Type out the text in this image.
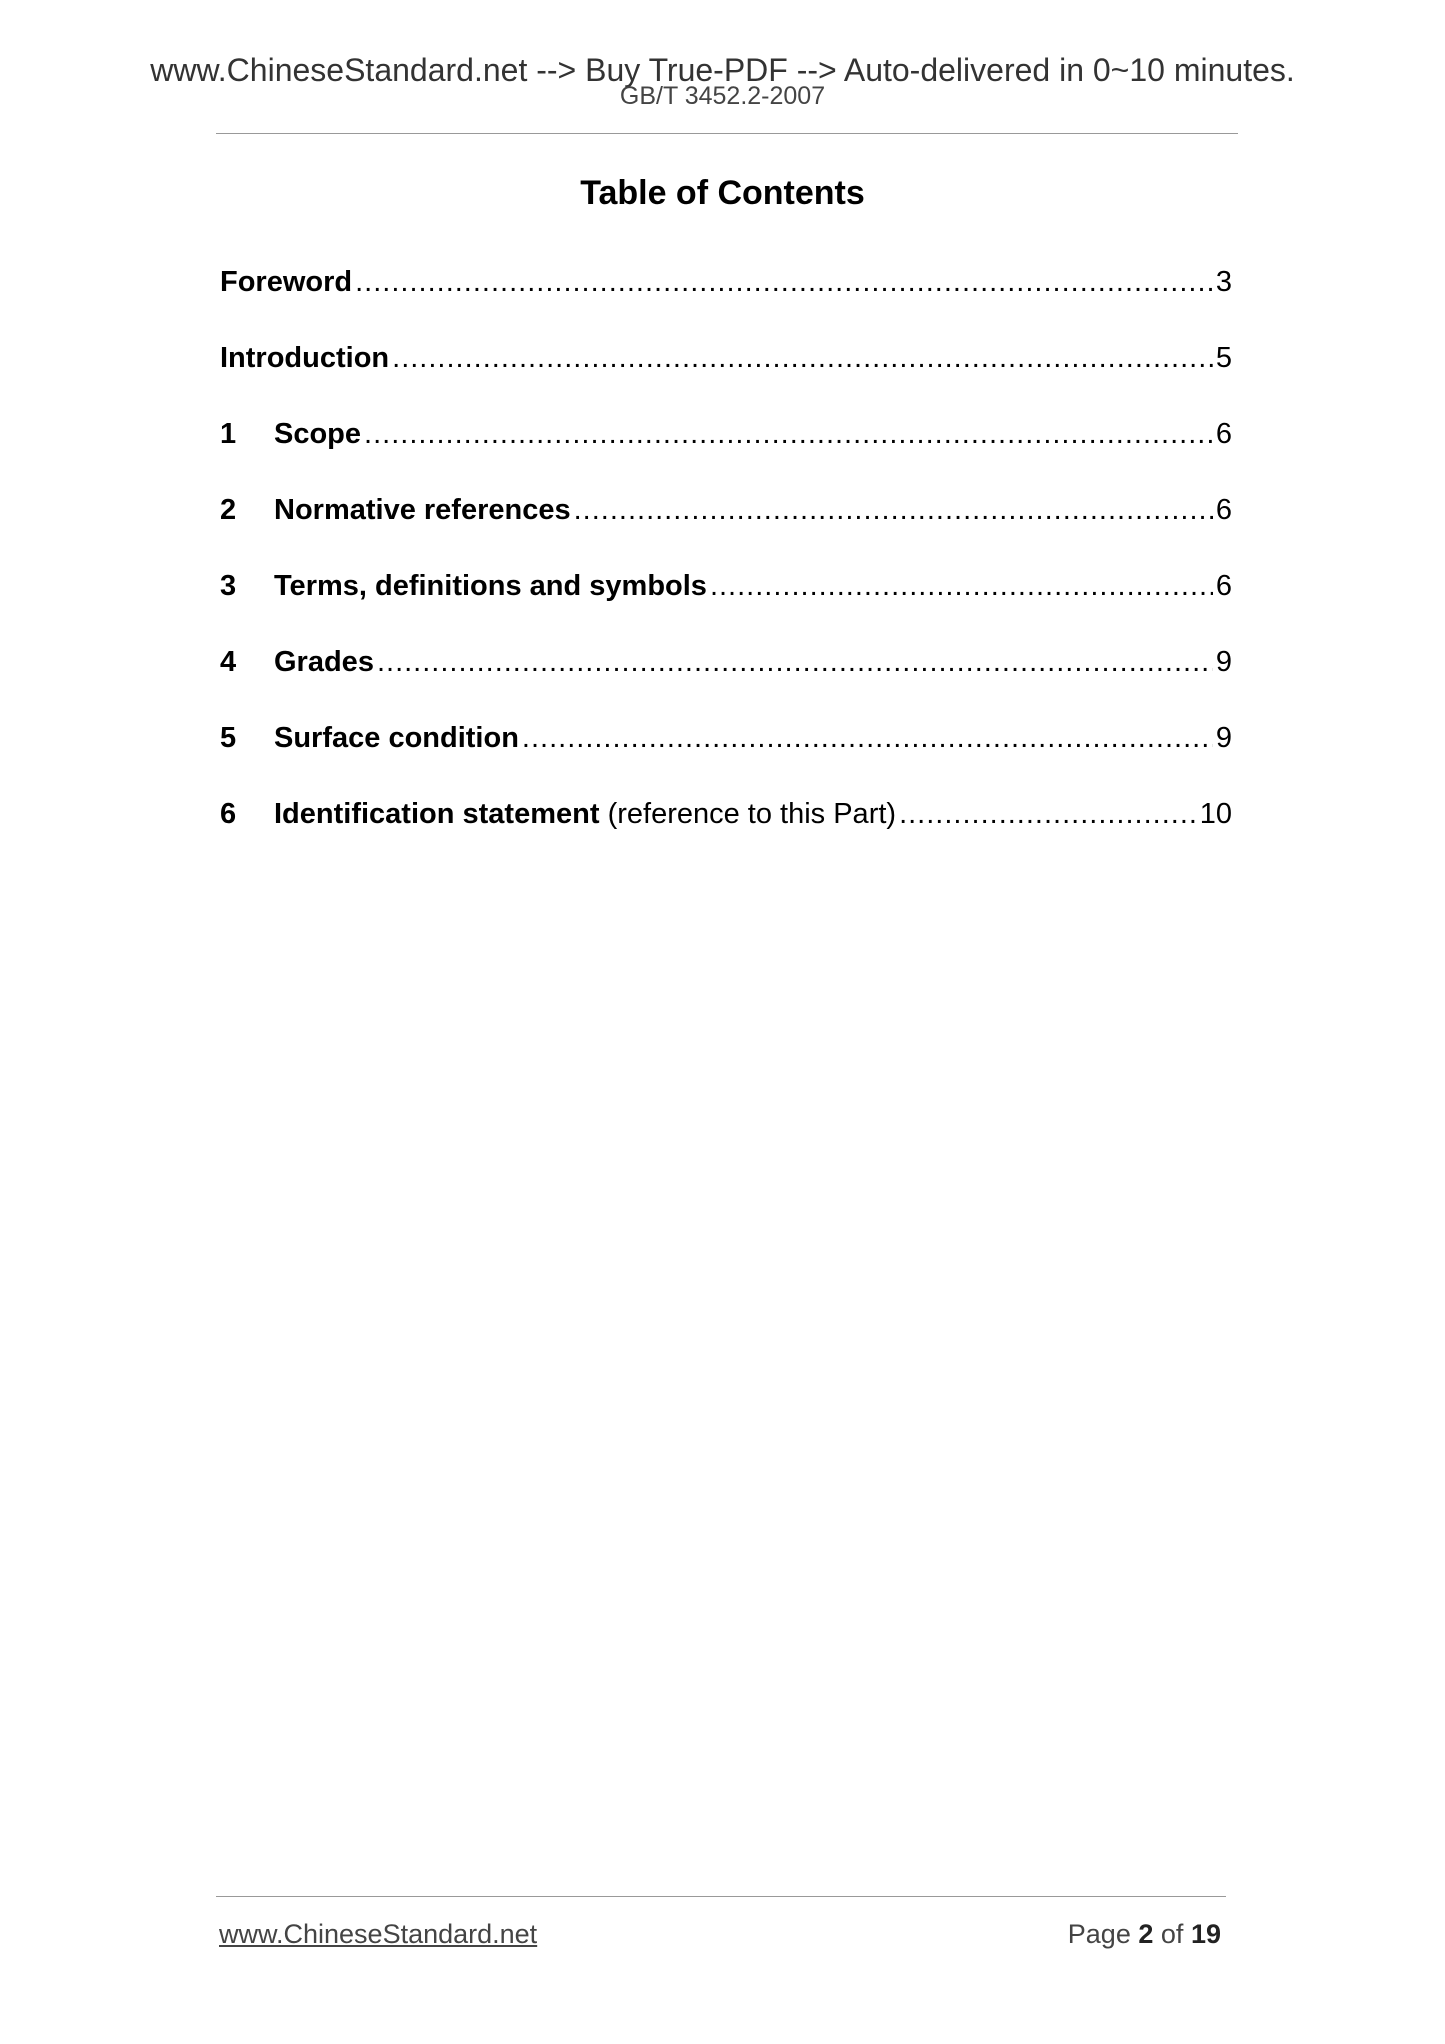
www.ChineseStandard.net --> Buy True-PDF --> Auto-delivered in 0~10 minutes.
GB/T 3452.2-2007
Table of Contents
Foreword .....	3
Introduction .....	5
1	Scope .....	6
2	Normative references .....	6
3	Terms, definitions and symbols .....	6
4	Grades .....	9
5	Surface condition .....	9
6	Identification statement (reference to this Part) .....	10
www.ChineseStandard.net	Page 2 of 19
